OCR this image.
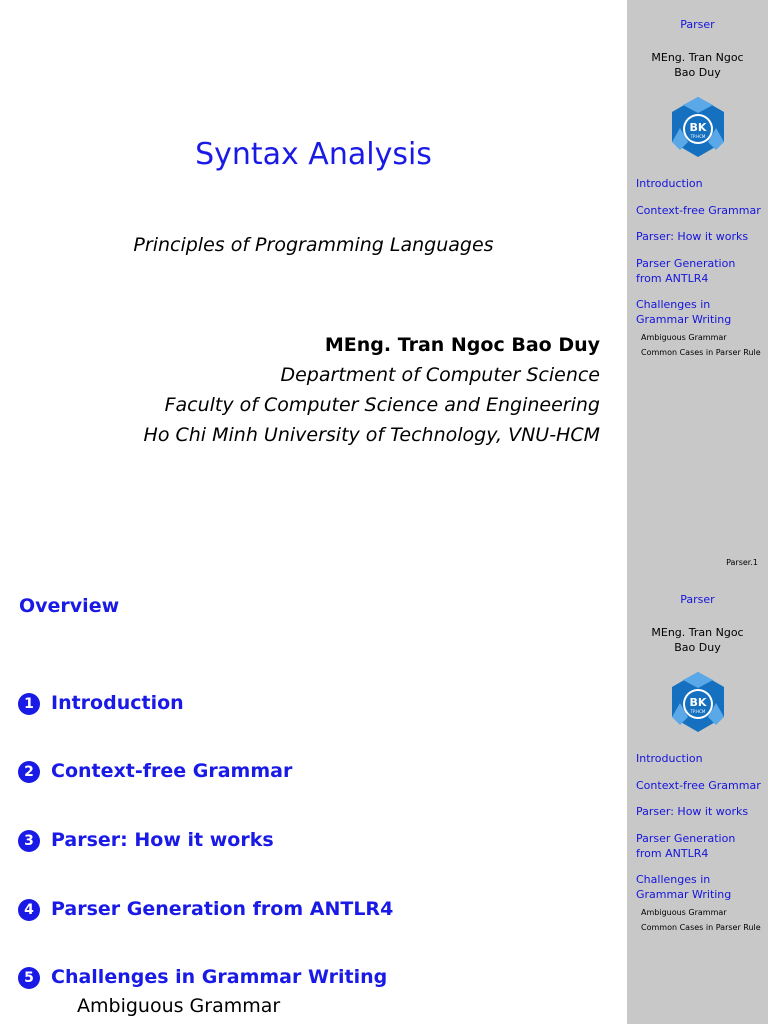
Syntax Analysis
Principles of Programming Languages
MEng. Tran Ngoc Bao Duy
Department of Computer Science
Faculty of Computer Science and Engineering
Ho Chi Minh University of Technology, VNU-HCM
Parser
MEng. Tran Ngoc
Bao Duy
BK
TP.HCM
Introduction
Context-free Grammar
Parser: How it works
Parser Generation
from ANTLR4
Challenges in
Grammar Writing
Ambiguous Grammar
Common Cases in Parser Rule
Parser.1
Overview
1 Introduction
2 Context-free Grammar
3 Parser: How it works
4 Parser Generation from ANTLR4
5 Challenges in Grammar Writing
Ambiguous Grammar
Parser
MEng. Tran Ngoc
Bao Duy
BK
TP.HCM
Introduction
Context-free Grammar
Parser: How it works
Parser Generation
from ANTLR4
Challenges in
Grammar Writing
Ambiguous Grammar
Common Cases in Parser Rule
